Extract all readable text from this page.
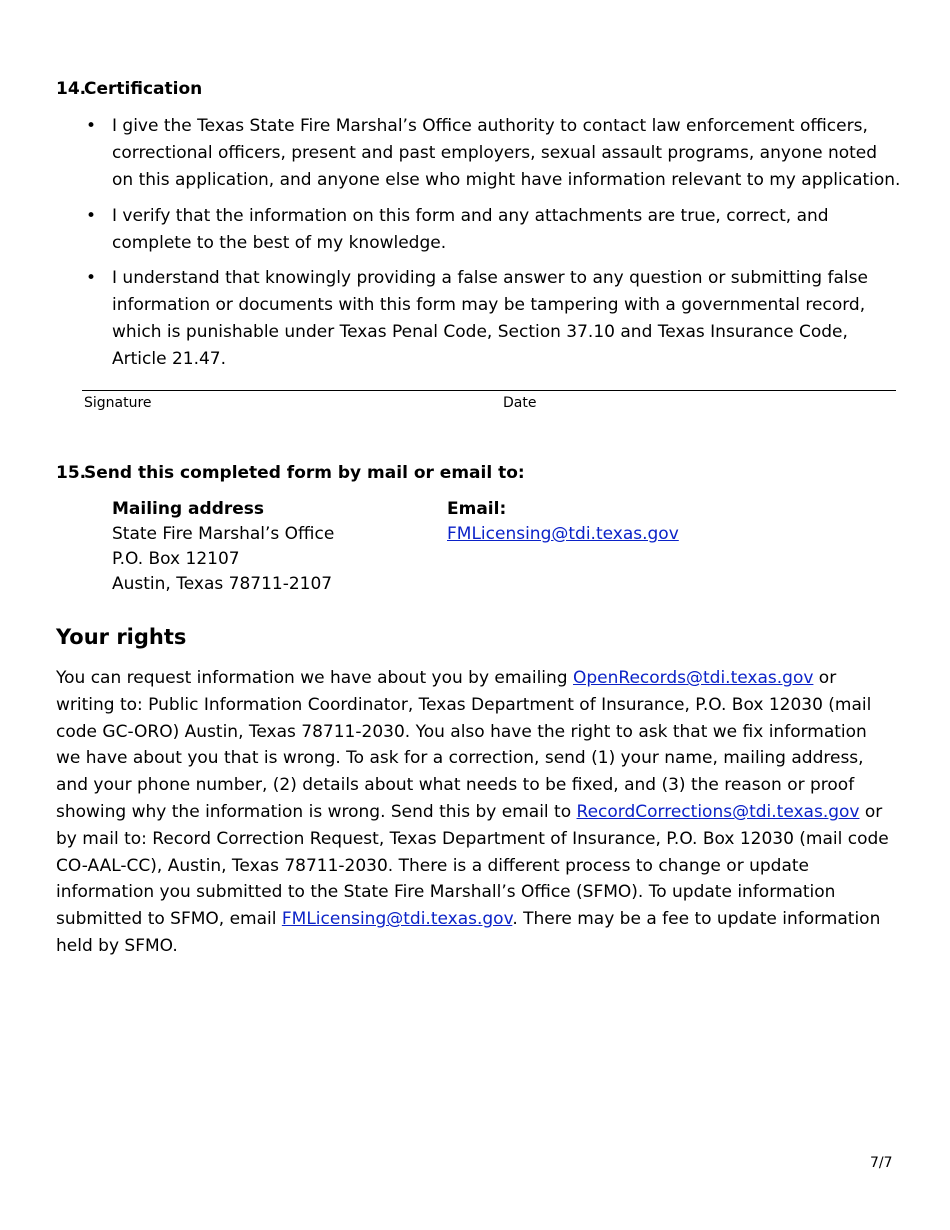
14.
Certification
• I give the Texas State Fire Marshal’s Office authority to contact law enforcement officers, correctional officers, present and past employers, sexual assault programs, anyone noted on this application, and anyone else who might have information relevant to my application.
• I verify that the information on this form and any attachments are true, correct, and complete to the best of my knowledge.
• I understand that knowingly providing a false answer to any question or submitting false information or documents with this form may be tampering with a governmental record, which is punishable under Texas Penal Code, Section 37.10 and Texas Insurance Code, Article 21.47.
Signature	Date
15.
Send this completed form by mail or email to:
Mailing address
State Fire Marshal’s Office
P.O. Box 12107
Austin, Texas 78711-2107
Email:
FMLicensing@tdi.texas.gov
Your rights
You can request information we have about you by emailing OpenRecords@tdi.texas.gov or writing to: Public Information Coordinator, Texas Department of Insurance, P.O. Box 12030 (mail code GC-ORO) Austin, Texas 78711-2030. You also have the right to ask that we fix information we have about you that is wrong. To ask for a correction, send (1) your name, mailing address, and your phone number, (2) details about what needs to be fixed, and (3) the reason or proof showing why the information is wrong. Send this by email to RecordCorrections@tdi.texas.gov or by mail to: Record Correction Request, Texas Department of Insurance, P.O. Box 12030 (mail code CO-AAL-CC), Austin, Texas 78711-2030. There is a different process to change or update information you submitted to the State Fire Marshall’s Office (SFMO). To update information submitted to SFMO, email FMLicensing@tdi.texas.gov. There may be a fee to update information held by SFMO.
7/7
